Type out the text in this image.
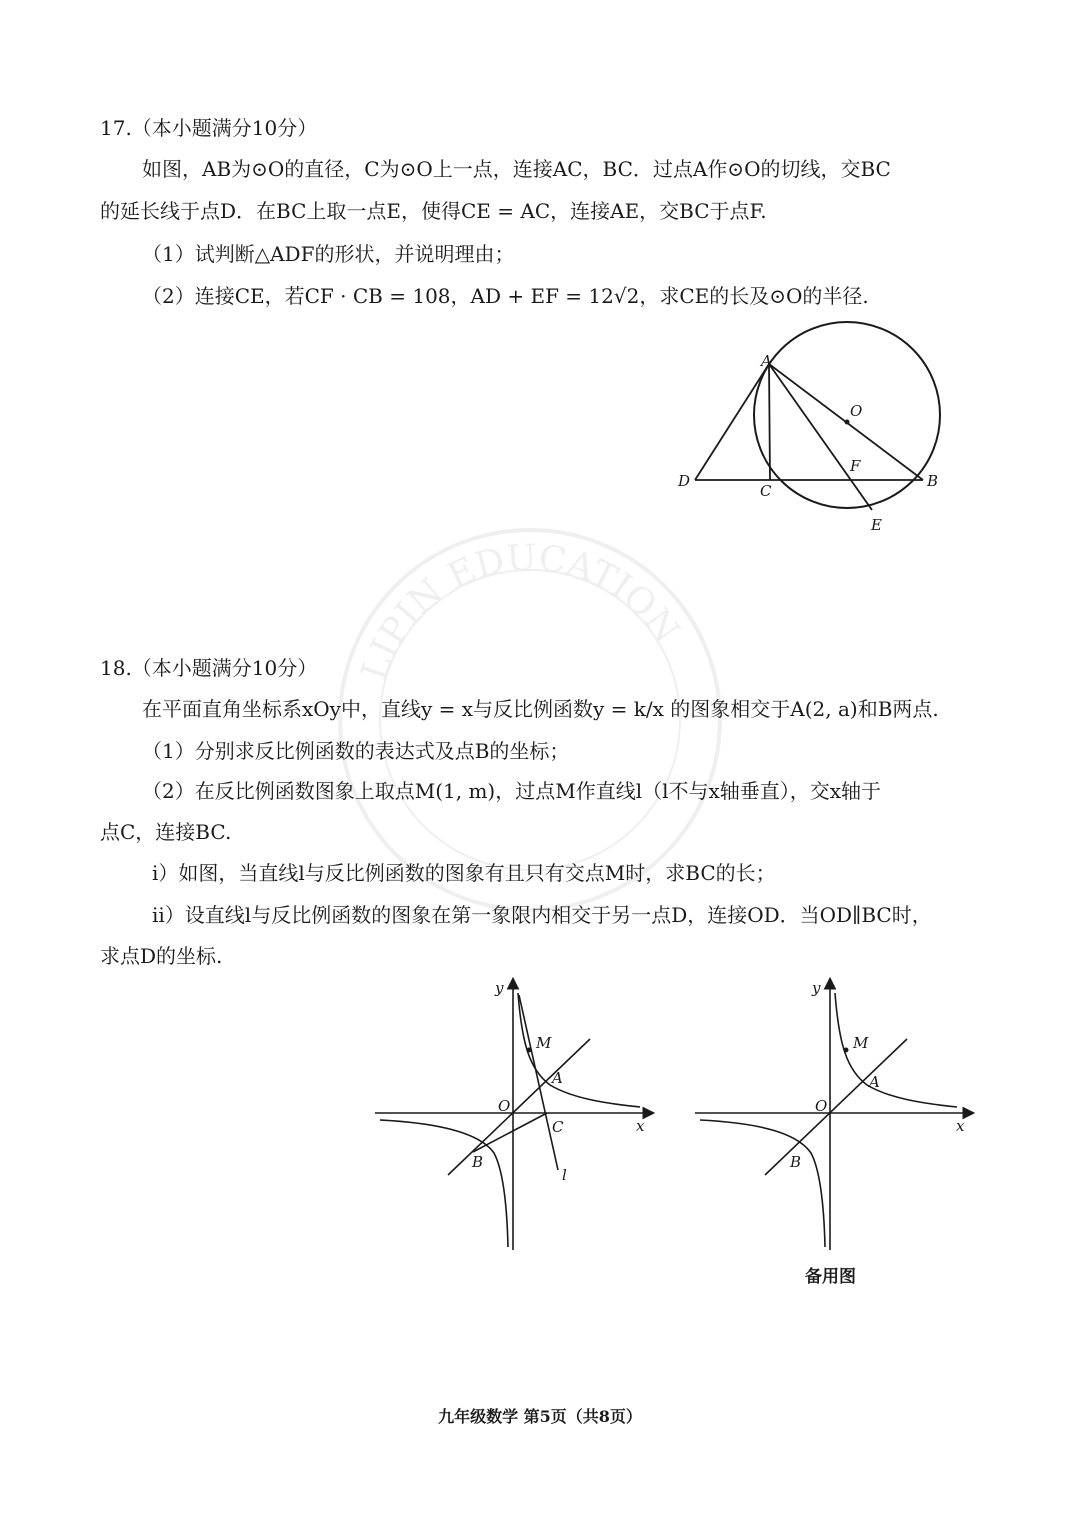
LIPIN EDUCATION
17.（本小题满分10分）
如图，AB为⊙O的直径，C为⊙O上一点，连接AC，BC．过点A作⊙O的切线，交BC
的延长线于点D．在BC上取一点E，使得CE = AC，连接AE，交BC于点F.
（1）试判断△ADF的形状，并说明理由；
（2）连接CE，若CF · CB = 108，AD + EF = 12√2，求CE的长及⊙O的半径.
A
O
F
D
C
B
E
18.（本小题满分10分）
在平面直角坐标系xOy中，直线y = x与反比例函数y = k/x 的图象相交于A(2, a)和B两点.
（1）分别求反比例函数的表达式及点B的坐标；
（2）在反比例函数图象上取点M(1, m)，过点M作直线l（l不与x轴垂直），交x轴于
点C，连接BC.
ⅰ）如图，当直线l与反比例函数的图象有且只有交点M时，求BC的长；
ⅱ）设直线l与反比例函数的图象在第一象限内相交于另一点D，连接OD．当OD∥BC时，
求点D的坐标.
y
x
O
M
A
B
C
l
y
x
O
M
A
B
备用图
九年级数学 第5页（共8页）
